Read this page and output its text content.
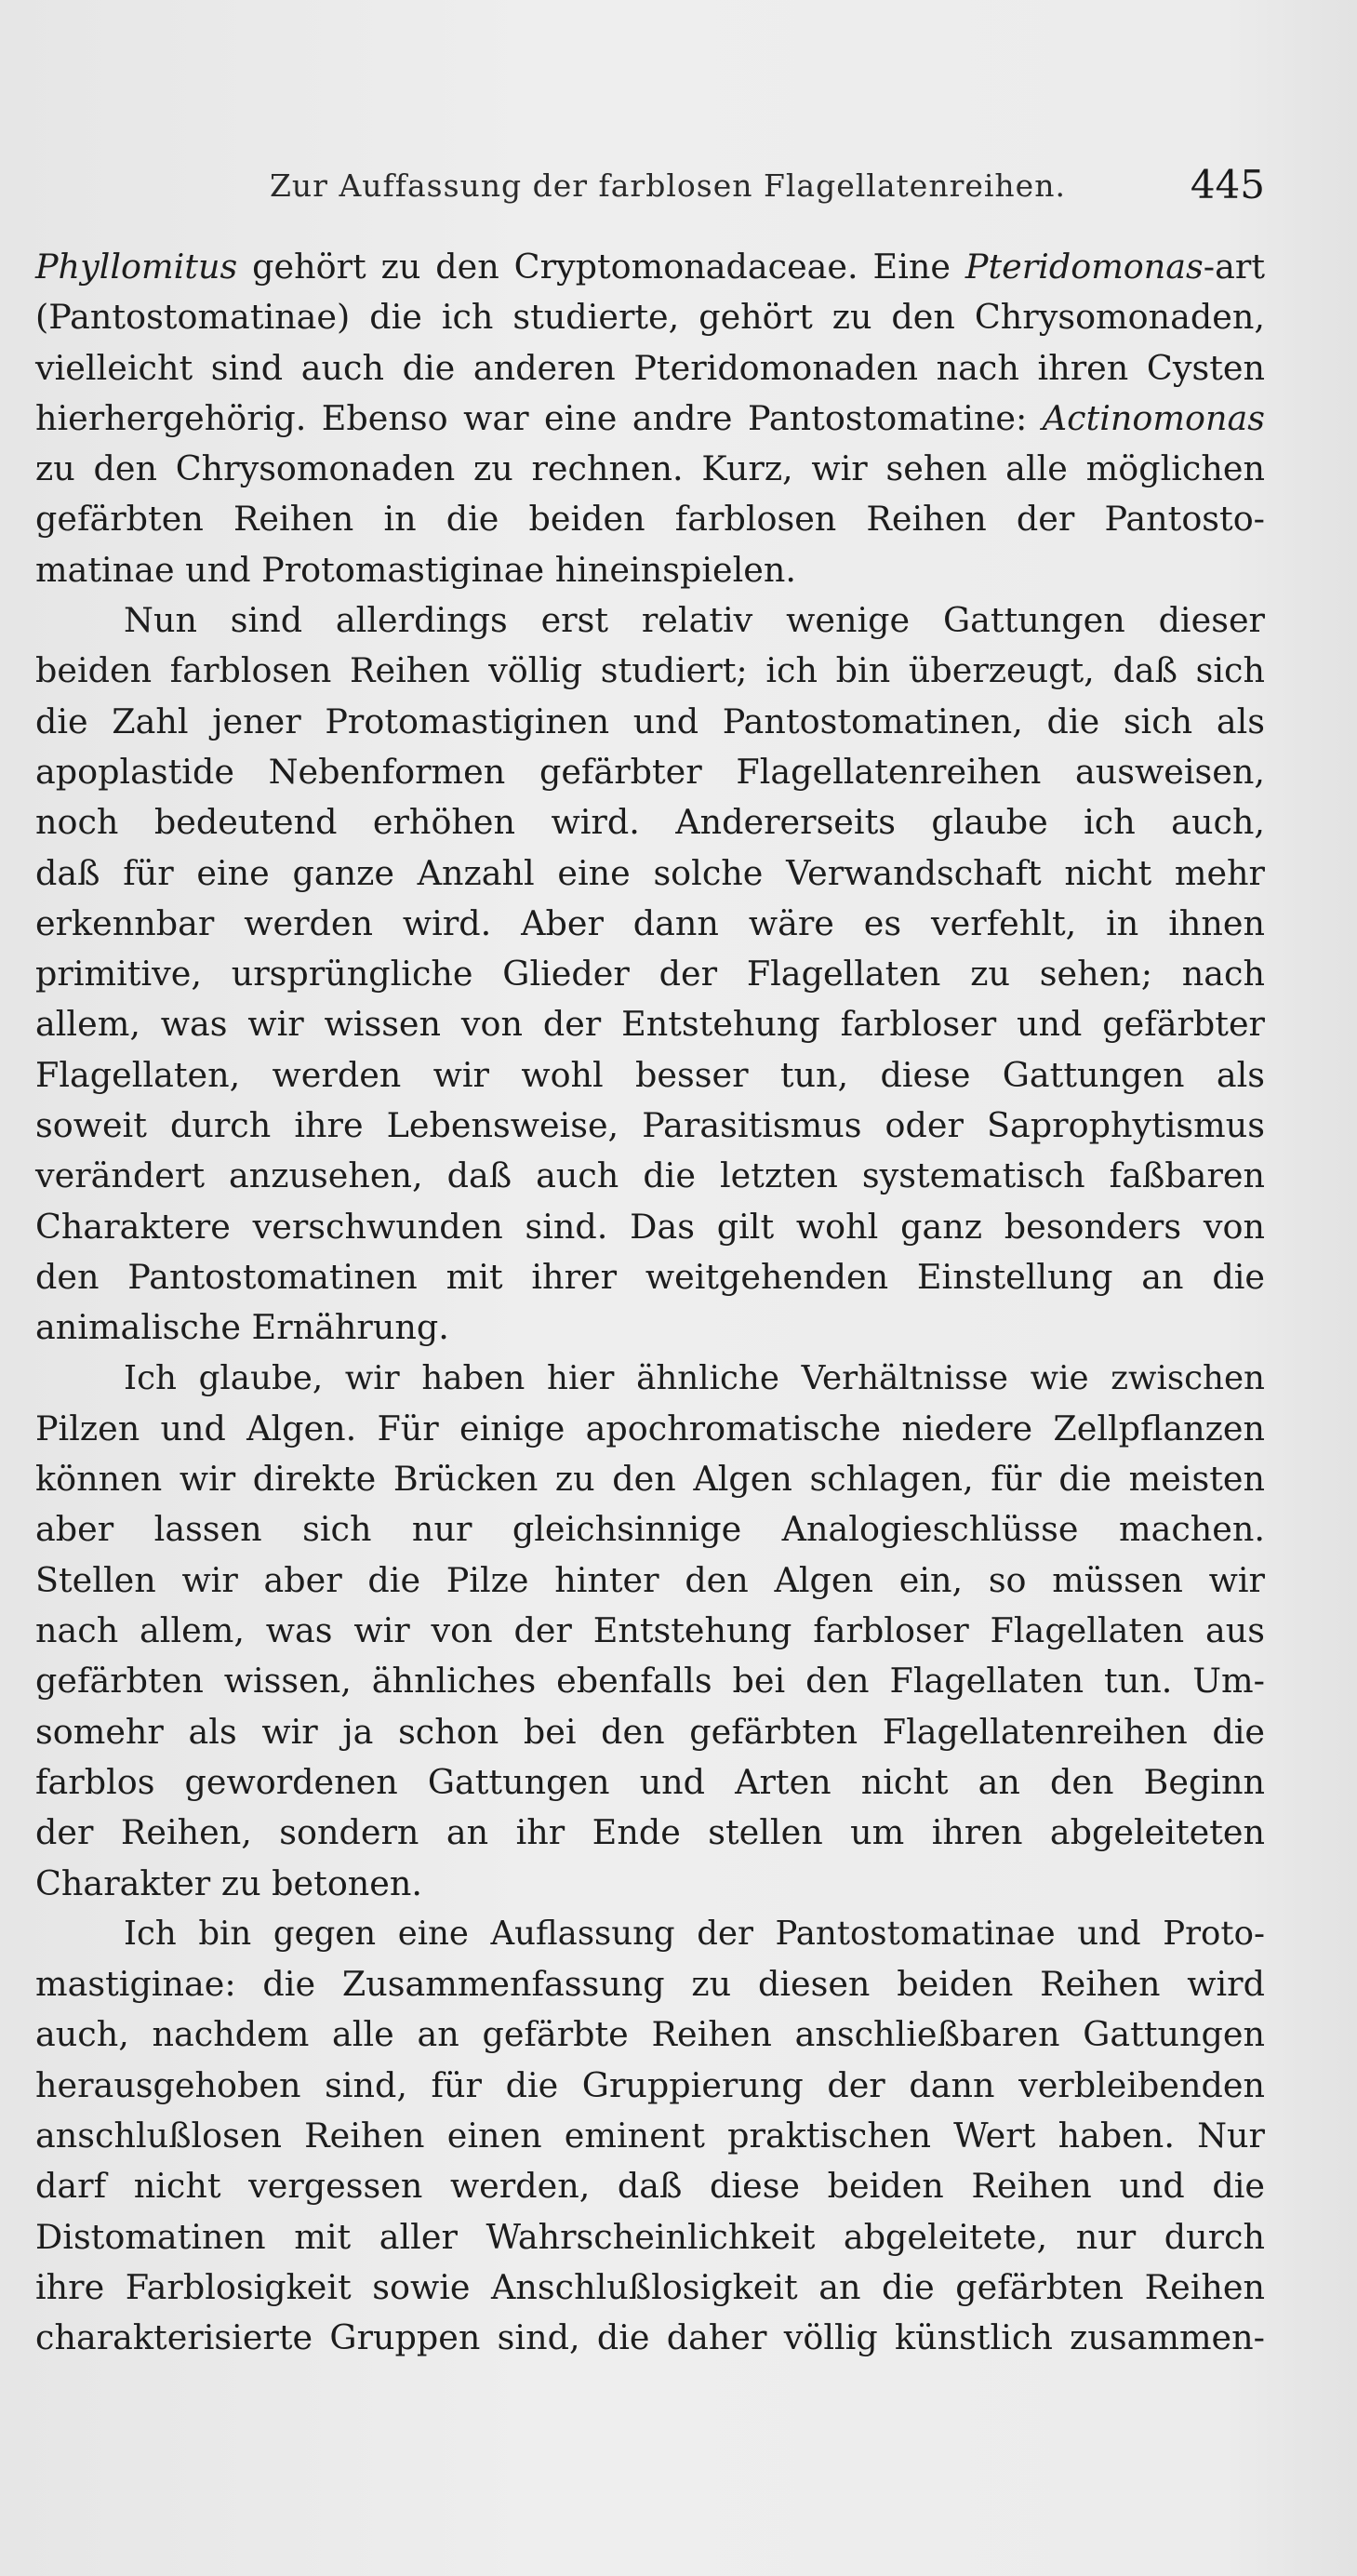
Zur Auffassung der farblosen Flagellatenreihen.	445

Phyllomitus gehört zu den Cryptomonadaceae. Eine Pteridomonas-art
(Pantostomatinae) die ich studierte, gehört zu den Chrysomonaden,
vielleicht sind auch die anderen Pteridomonaden nach ihren Cysten
hierhergehörig. Ebenso war eine andre Pantostomatine: Actinomonas
zu den Chrysomonaden zu rechnen. Kurz, wir sehen alle möglichen
gefärbten Reihen in die beiden farblosen Reihen der Pantosto-
matinae und Protomastiginae hineinspielen.

Nun sind allerdings erst relativ wenige Gattungen dieser
beiden farblosen Reihen völlig studiert; ich bin überzeugt, daß sich
die Zahl jener Protomastiginen und Pantostomatinen, die sich als
apoplastide Nebenformen gefärbter Flagellatenreihen ausweisen,
noch bedeutend erhöhen wird. Andererseits glaube ich auch,
daß für eine ganze Anzahl eine solche Verwandschaft nicht mehr
erkennbar werden wird. Aber dann wäre es verfehlt, in ihnen
primitive, ursprüngliche Glieder der Flagellaten zu sehen; nach
allem, was wir wissen von der Entstehung farbloser und gefärbter
Flagellaten, werden wir wohl besser tun, diese Gattungen als
soweit durch ihre Lebensweise, Parasitismus oder Saprophytismus
verändert anzusehen, daß auch die letzten systematisch faßbaren
Charaktere verschwunden sind. Das gilt wohl ganz besonders von
den Pantostomatinen mit ihrer weitgehenden Einstellung an die
animalische Ernährung.

Ich glaube, wir haben hier ähnliche Verhältnisse wie zwischen
Pilzen und Algen. Für einige apochromatische niedere Zellpflanzen
können wir direkte Brücken zu den Algen schlagen, für die meisten
aber lassen sich nur gleichsinnige Analogieschlüsse machen.
Stellen wir aber die Pilze hinter den Algen ein, so müssen wir
nach allem, was wir von der Entstehung farbloser Flagellaten aus
gefärbten wissen, ähnliches ebenfalls bei den Flagellaten tun. Um-
somehr als wir ja schon bei den gefärbten Flagellatenreihen die
farblos gewordenen Gattungen und Arten nicht an den Beginn
der Reihen, sondern an ihr Ende stellen um ihren abgeleiteten
Charakter zu betonen.

Ich bin gegen eine Auflassung der Pantostomatinae und Proto-
mastiginae: die Zusammenfassung zu diesen beiden Reihen wird
auch, nachdem alle an gefärbte Reihen anschließbaren Gattungen
herausgehoben sind, für die Gruppierung der dann verbleibenden
anschlußlosen Reihen einen eminent praktischen Wert haben. Nur
darf nicht vergessen werden, daß diese beiden Reihen und die
Distomatinen mit aller Wahrscheinlichkeit abgeleitete, nur durch
ihre Farblosigkeit sowie Anschlußlosigkeit an die gefärbten Reihen
charakterisierte Gruppen sind, die daher völlig künstlich zusammen-
